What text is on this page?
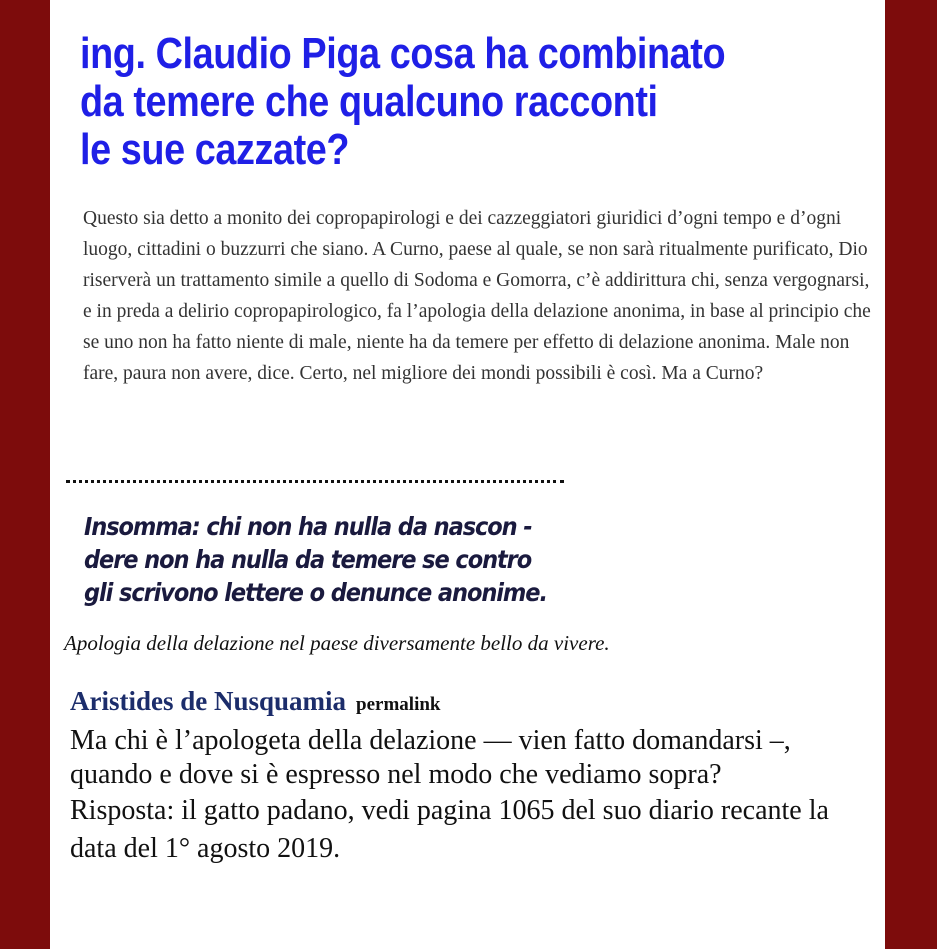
ing. Claudio Piga cosa ha combinato
da temere che qualcuno racconti
le sue cazzate?

Questo sia detto a monito dei copropapirologi e dei cazzeggiatori giuridici d’ogni tempo e d’ogni luogo, cittadini o buzzurri che siano. A Curno, paese al quale, se non sarà ritualmente purificato, Dio riserverà un trattamento simile a quello di Sodoma e Gomorra, c’è addirittura chi, senza vergognarsi, e in preda a delirio copropapirologico, fa l’apologia della delazione anonima, in base al principio che se uno non ha fatto niente di male, niente ha da temere per effetto di delazione anonima. Male non fare, paura non avere, dice. Certo, nel migliore dei mondi possibili è così. Ma a Curno?

Insomma: chi non ha nulla da nascon -
dere non ha nulla da temere se contro
gli scrivono lettere o denunce anonime.

Apologia della delazione nel paese diversamente bello da vivere.

Aristides de Nusquamia permalink

Ma chi è l’apologeta della delazione — vien fatto domandarsi –, quando e dove si è espresso nel modo che vediamo sopra?

Risposta: il gatto padano, vedi pagina 1065 del suo diario recante la data del 1° agosto 2019.
